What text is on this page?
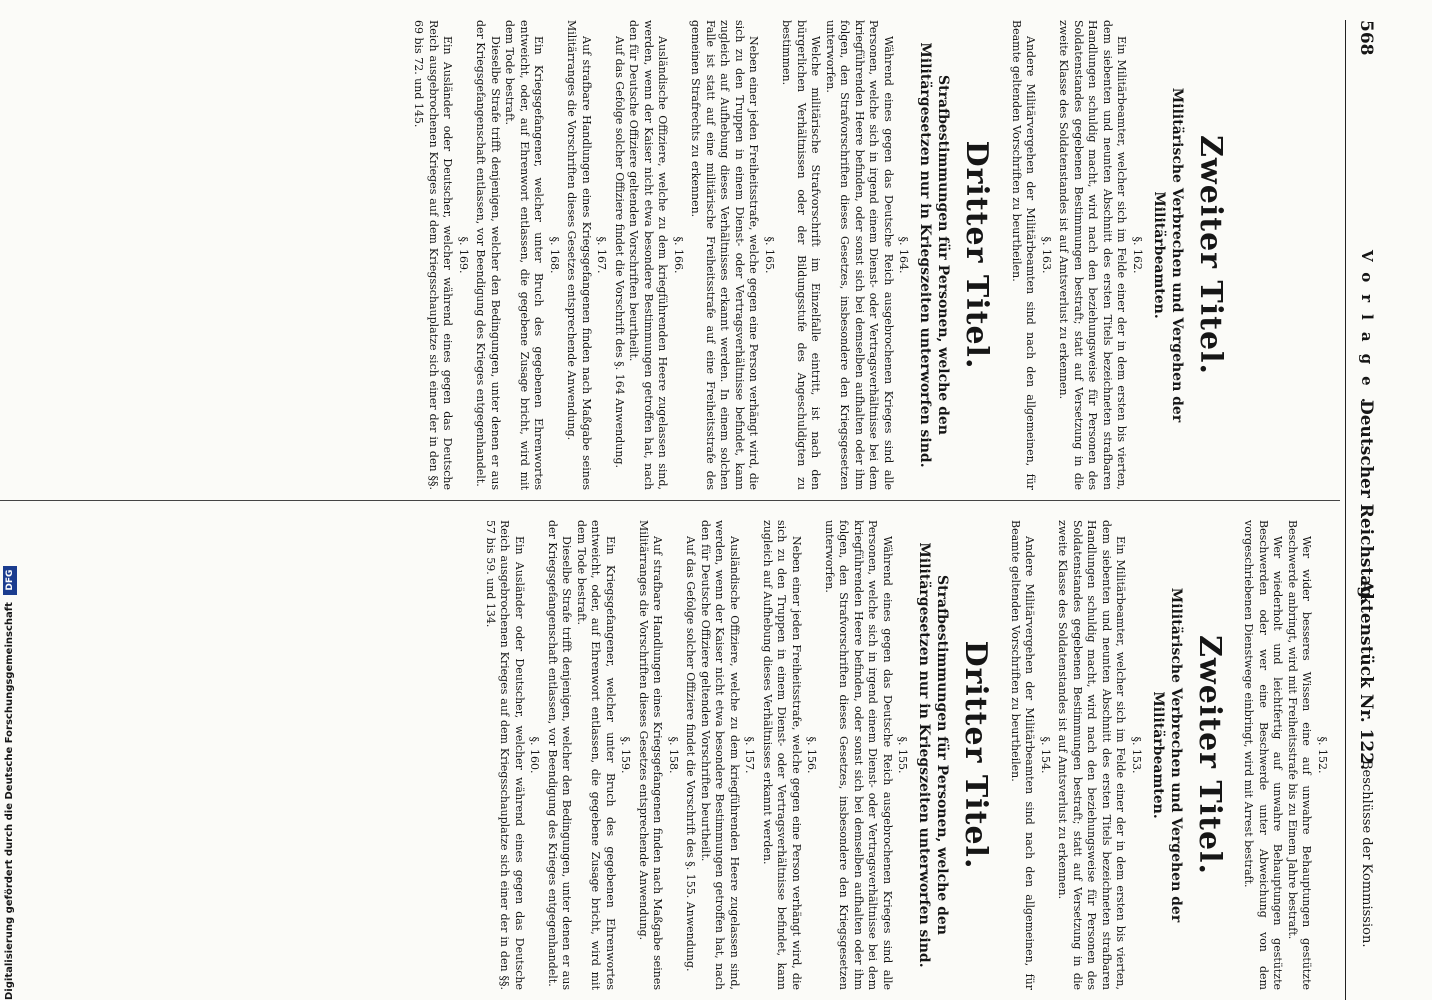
568
Vorlage.
Deutscher Reichstag.
Aktenstück Nr. 122.
Beschlüsse der Kommission.
Zweiter Titel.
Militärische Verbrechen und Vergehen der Militärbeamten.
§. 162.

Ein Militärbeamter, welcher sich im Felde einer der in dem ersten bis vierten, dem siebenten und neunten Abschnitt des ersten Titels bezeichneten strafbaren Handlungen schuldig macht, wird nach den beziehungsweise für Personen des Soldatenstandes gegebenen Bestimmungen bestraft; statt auf Versetzung in die zweite Klasse des Soldatenstandes ist auf Amtsverlust zu erkennen.

§. 163.

Andere Militärvergehen der Militärbeamten sind nach den allgemeinen, für Beamte geltenden Vorschriften zu beurtheilen.

Dritter Titel.
Strafbestimmungen für Personen, welche den Militärgesetzen nur in Kriegszeiten unterworfen sind.
§. 164.

Während eines gegen das Deutsche Reich ausgebrochenen Krieges sind alle Personen, welche sich in irgend einem Dienst- oder Vertragsverhältnisse bei dem kriegführenden Heere befinden, oder sonst sich bei demselben aufhalten oder ihm folgen, den Strafvorschriften dieses Gesetzes, insbesondere den Kriegsgesetzen unterworfen.

Welche militärische Strafvorschrift im Einzelfalle eintritt, ist nach den bürgerlichen Verhältnissen oder der Bildungsstufe des Angeschuldigten zu bestimmen.

§. 165.

Neben einer jeden Freiheitsstrafe, welche gegen eine Person verhängt wird, die sich zu den Truppen in einem Dienst- oder Vertragsverhältnisse befindet, kann zugleich auf Aufhebung dieses Verhältnisses erkannt werden. In einem solchen Falle ist statt auf eine militärische Freiheitsstrafe auf eine Freiheitsstrafe des gemeinen Strafrechts zu erkennen.

§. 166.

Ausländische Offiziere, welche zu dem kriegführenden Heere zugelassen sind, werden, wenn der Kaiser nicht etwa besondere Bestimmungen getroffen hat, nach den für Deutsche Offiziere geltenden Vorschriften beurtheilt.

Auf das Gefolge solcher Offiziere findet die Vorschrift des §. 164 Anwendung.

§. 167.

Auf strafbare Handlungen eines Kriegsgefangenen finden nach Maßgabe seines Militärranges die Vorschriften dieses Gesetzes entsprechende Anwendung.

§. 168.

Ein Kriegsgefangener, welcher unter Bruch des gegebenen Ehrenwortes entweicht, oder, auf Ehrenwort entlassen, die gegebene Zusage bricht, wird mit dem Tode bestraft.

Dieselbe Strafe trifft denjenigen, welcher den Bedingungen, unter denen er aus der Kriegsgefangenschaft entlassen, vor Beendigung des Krieges entgegenhandelt.

§. 169.

Ein Ausländer oder Deutscher, welcher während eines gegen das Deutsche Reich ausgebrochenen Krieges auf dem Kriegsschauplatze sich einer der in den §§. 69 bis 72. und 145.

§. 152.

Wer wider besseres Wissen eine auf unwahre Behauptungen gestützte Beschwerde anbringt, wird mit Freiheitsstrafe bis zu Einem Jahre bestraft.

Wer wiederholt und leichtfertig auf unwahre Behauptungen gestützte Beschwerden oder wer eine Beschwerde unter Abweichung von dem vorgeschriebenen Dienstwege einbringt, wird mit Arrest bestraft.

Zweiter Titel.
Militärische Verbrechen und Vergehen der Militärbeamten.
§. 153.

Ein Militärbeamter, welcher sich im Felde einer der in dem ersten bis vierten, dem siebenten und neunten Abschnitt des ersten Titels bezeichneten strafbaren Handlungen schuldig macht, wird nach den beziehungsweise für Personen des Soldatenstandes gegebenen Bestimmungen bestraft; statt auf Versetzung in die zweite Klasse des Soldatenstandes ist auf Amtsverlust zu erkennen.

§. 154.

Andere Militärvergehen der Militärbeamten sind nach den allgemeinen, für Beamte geltenden Vorschriften zu beurtheilen.

Dritter Titel.
Strafbestimmungen für Personen, welche den Militärgesetzen nur in Kriegszeiten unterworfen sind.
§. 155.

Während eines gegen das Deutsche Reich ausgebrochenen Krieges sind alle Personen, welche sich in irgend einem Dienst- oder Vertragsverhältnisse bei dem kriegführenden Heere befinden, oder sonst sich bei demselben aufhalten oder ihm folgen, den Strafvorschriften dieses Gesetzes, insbesondere den Kriegsgesetzen unterworfen.

§. 156.

Neben einer jeden Freiheitsstrafe, welche gegen eine Person verhängt wird, die sich zu den Truppen in einem Dienst- oder Vertragsverhältnisse befindet, kann zugleich auf Aufhebung dieses Verhältnisses erkannt werden.

§. 157.

Ausländische Offiziere, welche zu dem kriegführenden Heere zugelassen sind, werden, wenn der Kaiser nicht etwa besondere Bestimmungen getroffen hat, nach den für Deutsche Offiziere geltenden Vorschriften beurtheilt.

Auf das Gefolge solcher Offiziere findet die Vorschrift des §. 155. Anwendung.

§. 158.

Auf strafbare Handlungen eines Kriegsgefangenen finden nach Maßgabe seines Militärranges die Vorschriften dieses Gesetzes entsprechende Anwendung.

§. 159.

Ein Kriegsgefangener, welcher unter Bruch des gegebenen Ehrenwortes entweicht, oder, auf Ehrenwort entlassen, die gegebene Zusage bricht, wird mit dem Tode bestraft.

Dieselbe Strafe trifft denjenigen, welcher den Bedingungen, unter denen er aus der Kriegsgefangenschaft entlassen, vor Beendigung des Krieges entgegenhandelt.

§. 160.

Ein Ausländer oder Deutscher, welcher während eines gegen das Deutsche Reich ausgebrochenen Krieges auf dem Kriegsschauplatze sich einer der in den §§. 57 bis 59. und 134.

Digitalisierung gefördert durch die Deutsche Forschungsgemeinschaft DFG
